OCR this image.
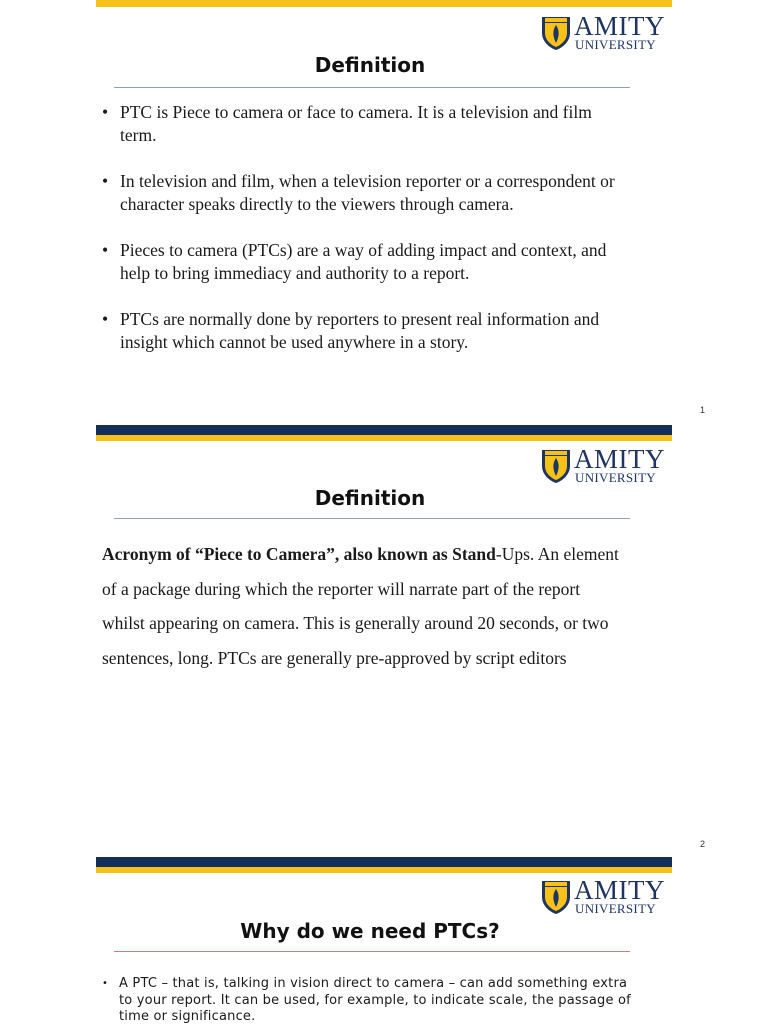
AMITY
UNIVERSITY
Definition
• PTC is Piece to camera or face to camera. It is a television and film term.
• In television and film, when a television reporter or a correspondent or character speaks directly to the viewers through camera.
• Pieces to camera (PTCs) are a way of adding impact and context, and help to bring immediacy and authority to a report.
• PTCs are normally done by reporters to present real information and insight which cannot be used anywhere in a story.
1
AMITY
UNIVERSITY
Definition

Acronym of “Piece to Camera”, also known as Stand-Ups. An element of a package during which the reporter will narrate part of the report whilst appearing on camera. This is generally around 20 seconds, or two sentences, long. PTCs are generally pre-approved by script editors

2
AMITY
UNIVERSITY
Why do we need PTCs?
• A PTC – that is, talking in vision direct to camera – can add something extra to your report. It can be used, for example, to indicate scale, the passage of time or significance.
